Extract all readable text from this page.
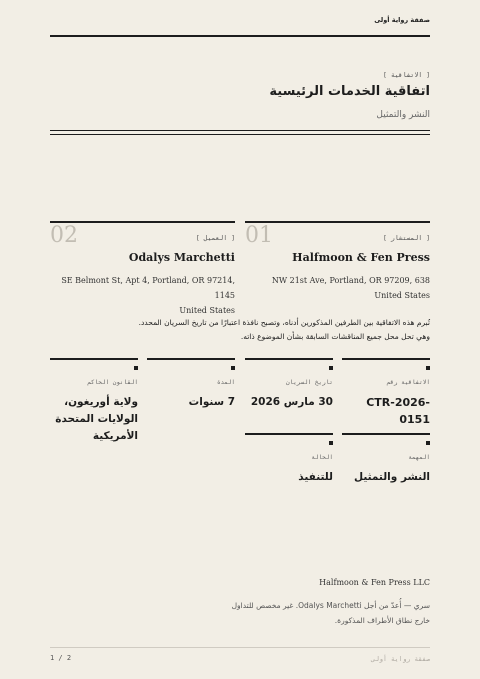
صفقة رواية أولى
[ الاتفاقية ]
اتفاقية الخدمات الرئيسية
النشر والتمثيل
[ المستشار ]
01
Halfmoon & Fen Press
NW 21st Ave, Portland, OR 97209, 638
United States
[ العميل ]
02
Odalys Marchetti
SE Belmont St, Apt 4, Portland, OR 97214, 1145
United States
تُبرم هذه الاتفاقية بين الطرفين المذكورين أدناه، وتصبح نافذة اعتبارًا من تاريخ السريان المحدد.
وهي تحل محل جميع المناقشات السابقة بشأن الموضوع ذاته.
الاتفاقية رقم
CTR-2026-0151
تاريخ السريان
30 مارس 2026
المدة
7 سنوات
القانون الحاكم
ولاية أوريغون، الولايات المتحدة الأمريكية
المهمة
النشر والتمثيل
الحالة
للتنفيذ
Halfmoon & Fen Press LLC
سري — أُعدّ من أجل Odalys Marchetti. غير مخصص للتداول
خارج نطاق الأطراف المذكورة.
1 / 2	صفقة رواية أولى
